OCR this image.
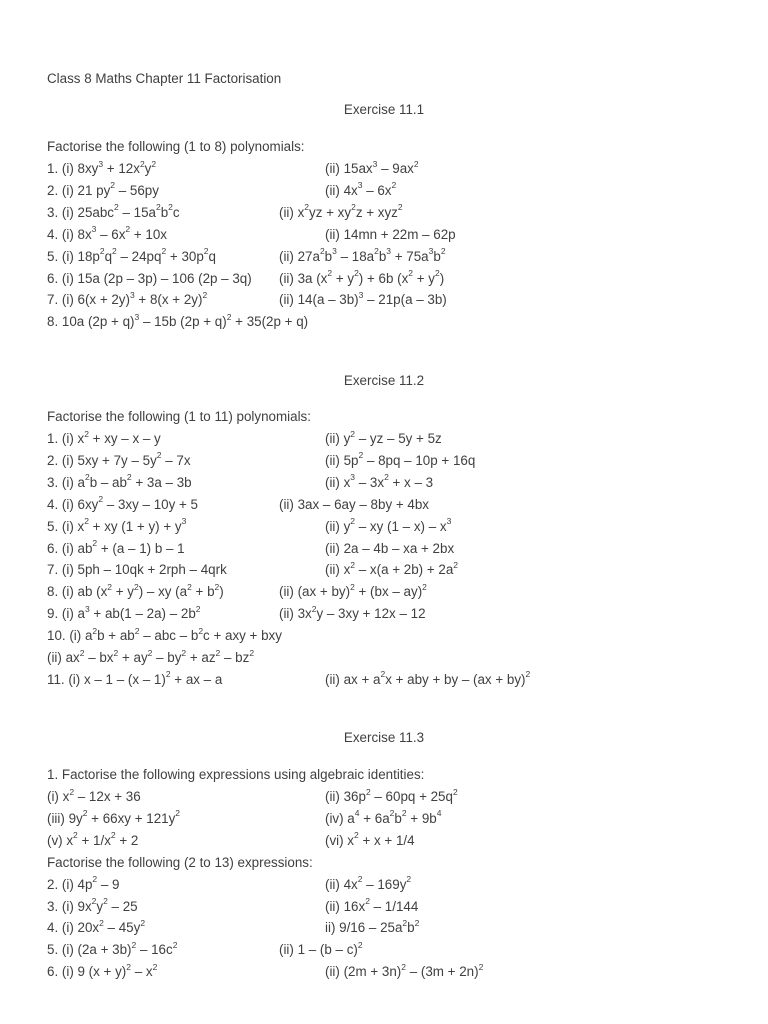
Class 8 Maths Chapter 11 Factorisation
Exercise 11.1
Factorise the following (1 to 8) polynomials:
1. (i) $8xy^3 + 12x^2y^2$	(ii) $15ax^3 - 9ax^2$
2. (i) 21 $py^2 - 56py$	(ii) $4x^3 - 6x^2$
3. (i) $25abc^2 - 15a^2b^2c$	(ii) $x^2yz + xy^2z + xyz^2$
4. (i) $8x^3 - 6x^2 + 10x$	(ii) 14mn + 22m – 62p
5. (i) $18p^2q^2 - 24pq^2 + 30p^2q$	(ii) $27a^2b^3 - 18a^2b^3 + 75a^3b^2$
6. (i) 15a (2p – 3p) – 106 (2p – 3q) (ii) 3a $(x^2 + y^2) + 6b$ $(x^2 + y^2)$
7. (i) $6(x + 2y)^3 + 8(x + 2y)^2$	(ii) 14(a – 3b)$^3$ – 21p(a – 3b)
8. 10a $(2p + q)^3 - 15b$ $(2p + q)^2 + 35(2p + q)$
Exercise 11.2
Factorise the following (1 to 11) polynomials:
1. (i) $x^2$ + xy – x – y	(ii) $y^2$ – yz – 5y + 5z
2. (i) $5xy + 7y - 5y^2 - 7x$	(ii) $5p^2 - 8pq - 10p + 16q$
3. (i) $a^2b - ab^2 + 3a - 3b$	(ii) $x^3 - 3x^2 + x - 3$
4. (i) $6xy^2 - 3xy - 10y + 5$	(ii) 3ax – 6ay – 8by + 4bx
5. (i) $x^2$ + xy $(1 + y) + y^3$	(ii) $y^2$ – xy $(1 - x) - x^3$
6. (i) $ab^2 + (a - 1)$ b – 1	(ii) 2a – 4b – xa + 2bx
7. (i) 5ph – 10qk + 2rph – 4qrk	(ii) $x^2 - x(a + 2b) + 2a^2$
8. (i) ab $(x^2 + y^2)$ – xy $(a^2 + b^2)$	(ii) (ax + by)$^2$ + (bx – ay)$^2$
9. (i) $a^3 + ab(1 - 2a) - 2b^2$	(ii) $3x^2y - 3xy + 12x - 12$
10. (i) $a^2b + ab^2$ – abc – $b^2c$ + axy + bxy
(ii) $ax^2 - bx^2 + ay^2 - by^2 + az^2 - bz^2$
11. (i) x – 1 – (x – 1)$^2$ + ax – a	(ii) ax + $a^2x$ + aby + by – (ax + by)$^2$
Exercise 11.3
1. Factorise the following expressions using algebraic identities:
(i) $x^2 - 12x + 36$	(ii) $36p^2 - 60pq + 25q^2$
(iii) $9y^2 + 66xy + 121y^2$	(iv) $a^4 + 6a^2b^2 + 9b^4$
(v) $x^2 + 1/x^2 + 2$	(vi) $x^2 + x + 1/4$
Factorise the following (2 to 13) expressions:
2. (i) $4p^2 - 9$	(ii) $4x^2 - 169y^2$
3. (i) $9x^2y^2 - 25$	(ii) $16x^2 - 1/144$
4. (i) $20x^2 - 45y^2$	ii) $9/16 - 25a^2b^2$
5. (i) $(2a + 3b)^2 - 16c^2$	(ii) 1 – (b – c)$^2$
6. (i) 9 $(x + y)^2 - x^2$	(ii) $(2m + 3n)^2 - (3m + 2n)^2$
